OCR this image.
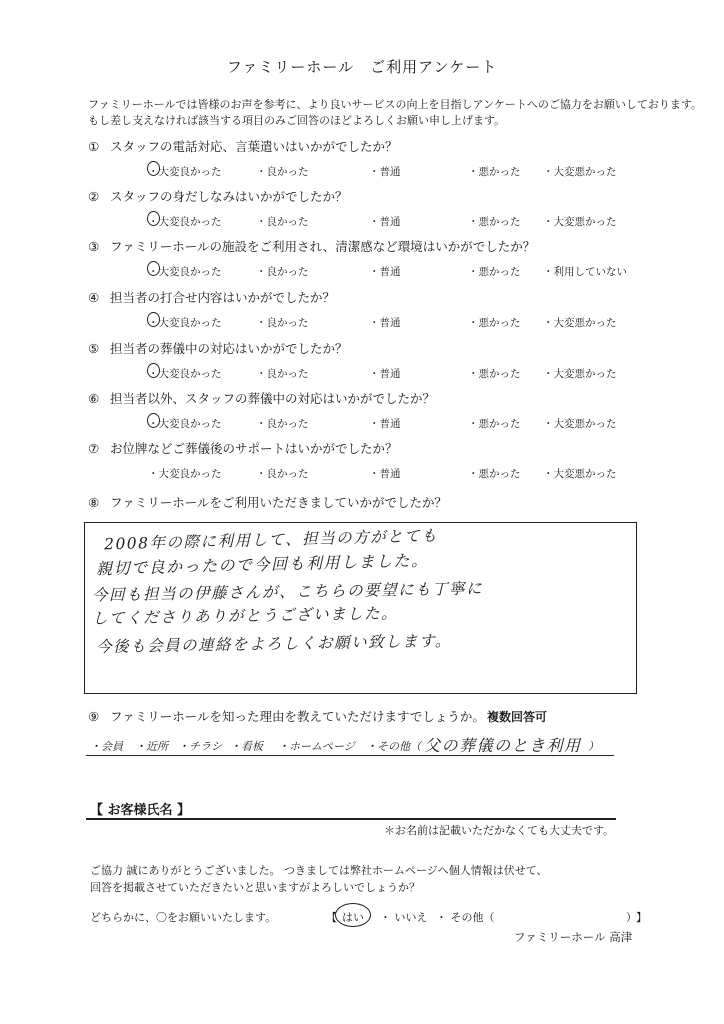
ファミリーホール　ご利用アンケート
ファミリーホールでは皆様のお声を参考に、より良いサービスの向上を目指しアンケートへのご協力をお願いしております。
もし差し支えなければ該当する項目のみご回答のほどよろしくお願い申し上げます。
① スタッフの電話対応、言葉遣いはいかがでしたか？
・大変良かった	・良かった	・普通	・悪かった ・大変悪かった
② スタッフの身だしなみはいかがでしたか？
・大変良かった	・良かった	・普通	・悪かった ・大変悪かった
③ ファミリーホールの施設をご利用され、清潔感など環境はいかがでしたか？
・大変良かった	・良かった	・普通	・悪かった ・利用していない
④ 担当者の打合せ内容はいかがでしたか？
・大変良かった	・良かった	・普通	・悪かった ・大変悪かった
⑤ 担当者の葬儀中の対応はいかがでしたか？
・大変良かった	・良かった	・普通	・悪かった ・大変悪かった
⑥ 担当者以外、スタッフの葬儀中の対応はいかがでしたか？
・大変良かった	・良かった	・普通	・悪かった ・大変悪かった
⑦ お位牌などご葬儀後のサポートはいかがでしたか？
・大変良かった	・良かった	・普通	・悪かった ・大変悪かった
⑧ ファミリーホールをご利用いただきましていかがでしたか？
2008年の際に利用して、担当の方がとても
親切で良かったので今回も利用しました。
今回も担当の伊藤さんが、こちらの要望にも丁寧に
してくださりありがとうございました。
今後も会員の連絡をよろしくお願い致します。
⑨ ファミリーホールを知った理由を教えていただけますでしょうか。 複数回答可
・会員 ・近所 ・チラシ ・看板 ・ホームページ ・その他（ 父の葬儀のとき利用 ）
【 お客様氏名 】
＊お名前は記載いただかなくても大丈夫です。
ご協力 誠にありがとうございました。 つきましては弊社ホームページへ個人情報は伏せて、
回答を掲載させていただきたいと思いますがよろしいでしょうか？
どちらかに、〇をお願いいたします。	【 はい ・ いいえ ・ その他（	） 】
ファミリーホール 高津
